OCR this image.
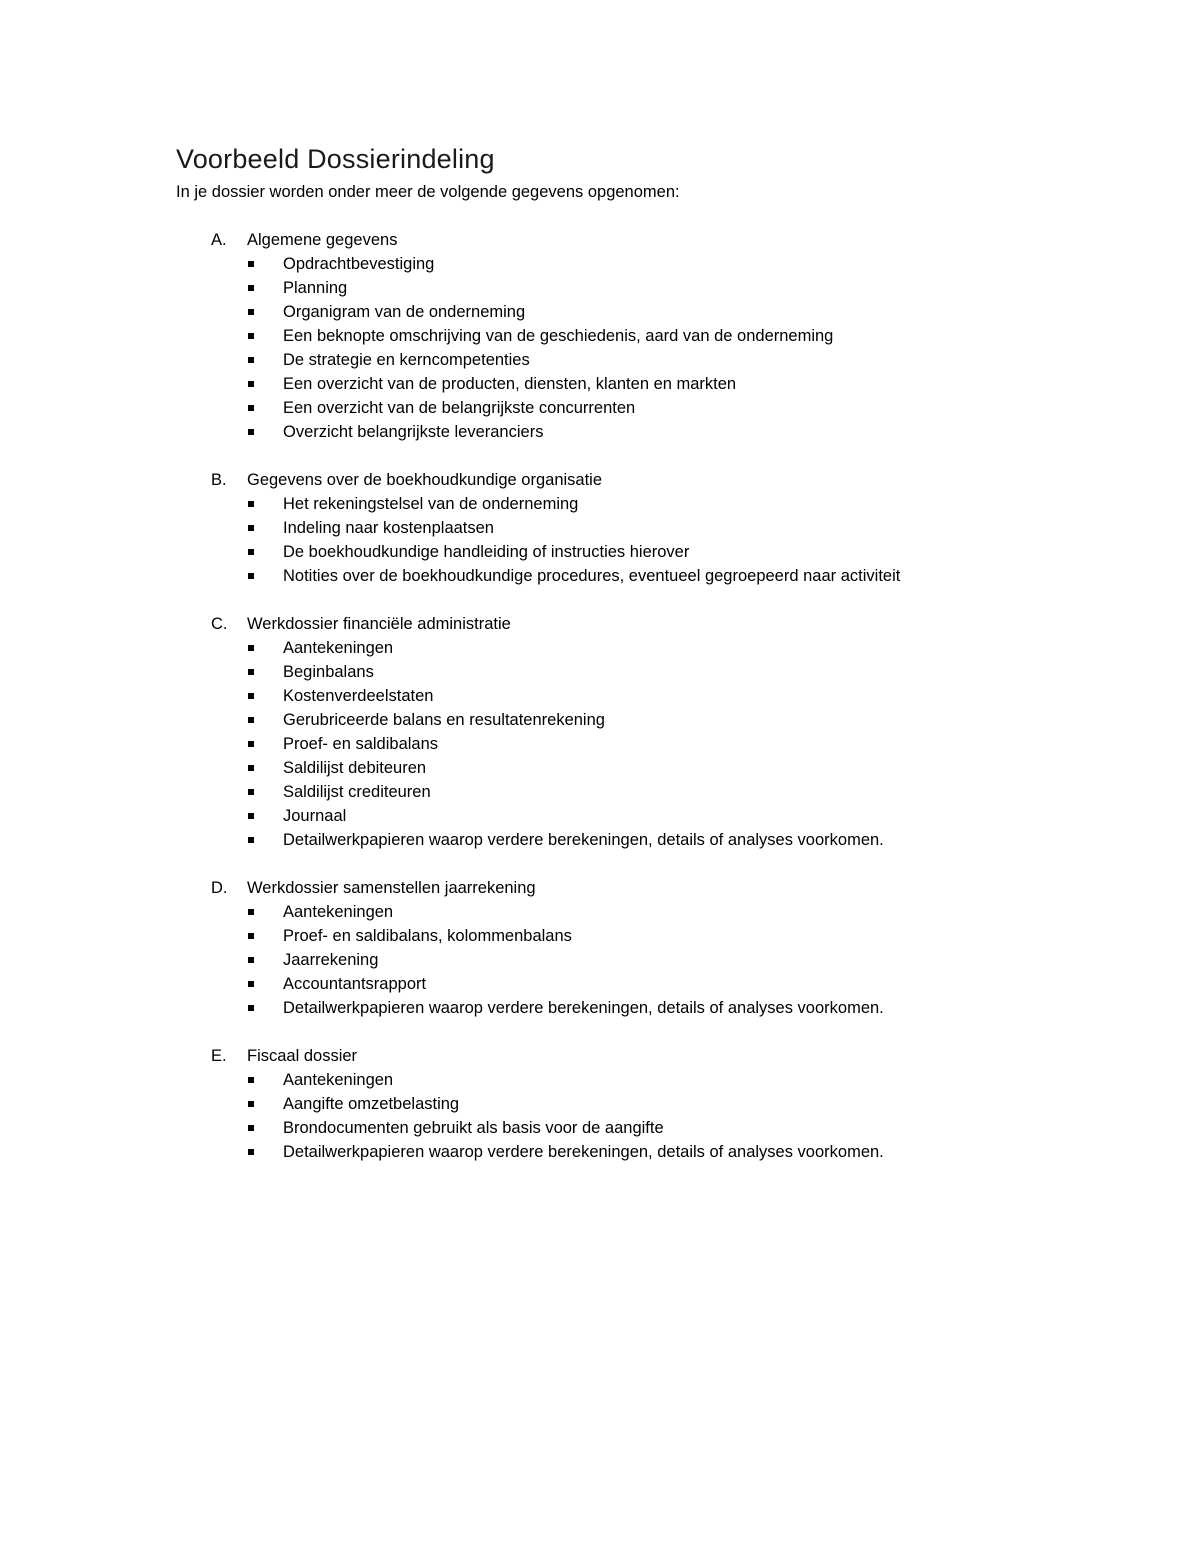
Voorbeeld Dossierindeling
In je dossier worden onder meer de volgende gegevens opgenomen:
A. Algemene gegevens
Opdrachtbevestiging
Planning
Organigram van de onderneming
Een beknopte omschrijving van de geschiedenis, aard van de onderneming
De strategie en kerncompetenties
Een overzicht van de producten, diensten, klanten en markten
Een overzicht van de belangrijkste concurrenten
Overzicht belangrijkste leveranciers
B. Gegevens over de boekhoudkundige organisatie
Het rekeningstelsel van de onderneming
Indeling naar kostenplaatsen
De boekhoudkundige handleiding of instructies hierover
Notities over de boekhoudkundige procedures, eventueel gegroepeerd naar activiteit
C. Werkdossier financiële administratie
Aantekeningen
Beginbalans
Kostenverdeelstaten
Gerubriceerde balans en resultatenrekening
Proef- en saldibalans
Saldilijst debiteuren
Saldilijst crediteuren
Journaal
Detailwerkpapieren waarop verdere berekeningen, details of analyses voorkomen.
D. Werkdossier samenstellen jaarrekening
Aantekeningen
Proef- en saldibalans, kolommenbalans
Jaarrekening
Accountantsrapport
Detailwerkpapieren waarop verdere berekeningen, details of analyses voorkomen.
E. Fiscaal dossier
Aantekeningen
Aangifte omzetbelasting
Brondocumenten gebruikt als basis voor de aangifte
Detailwerkpapieren waarop verdere berekeningen, details of analyses voorkomen.
